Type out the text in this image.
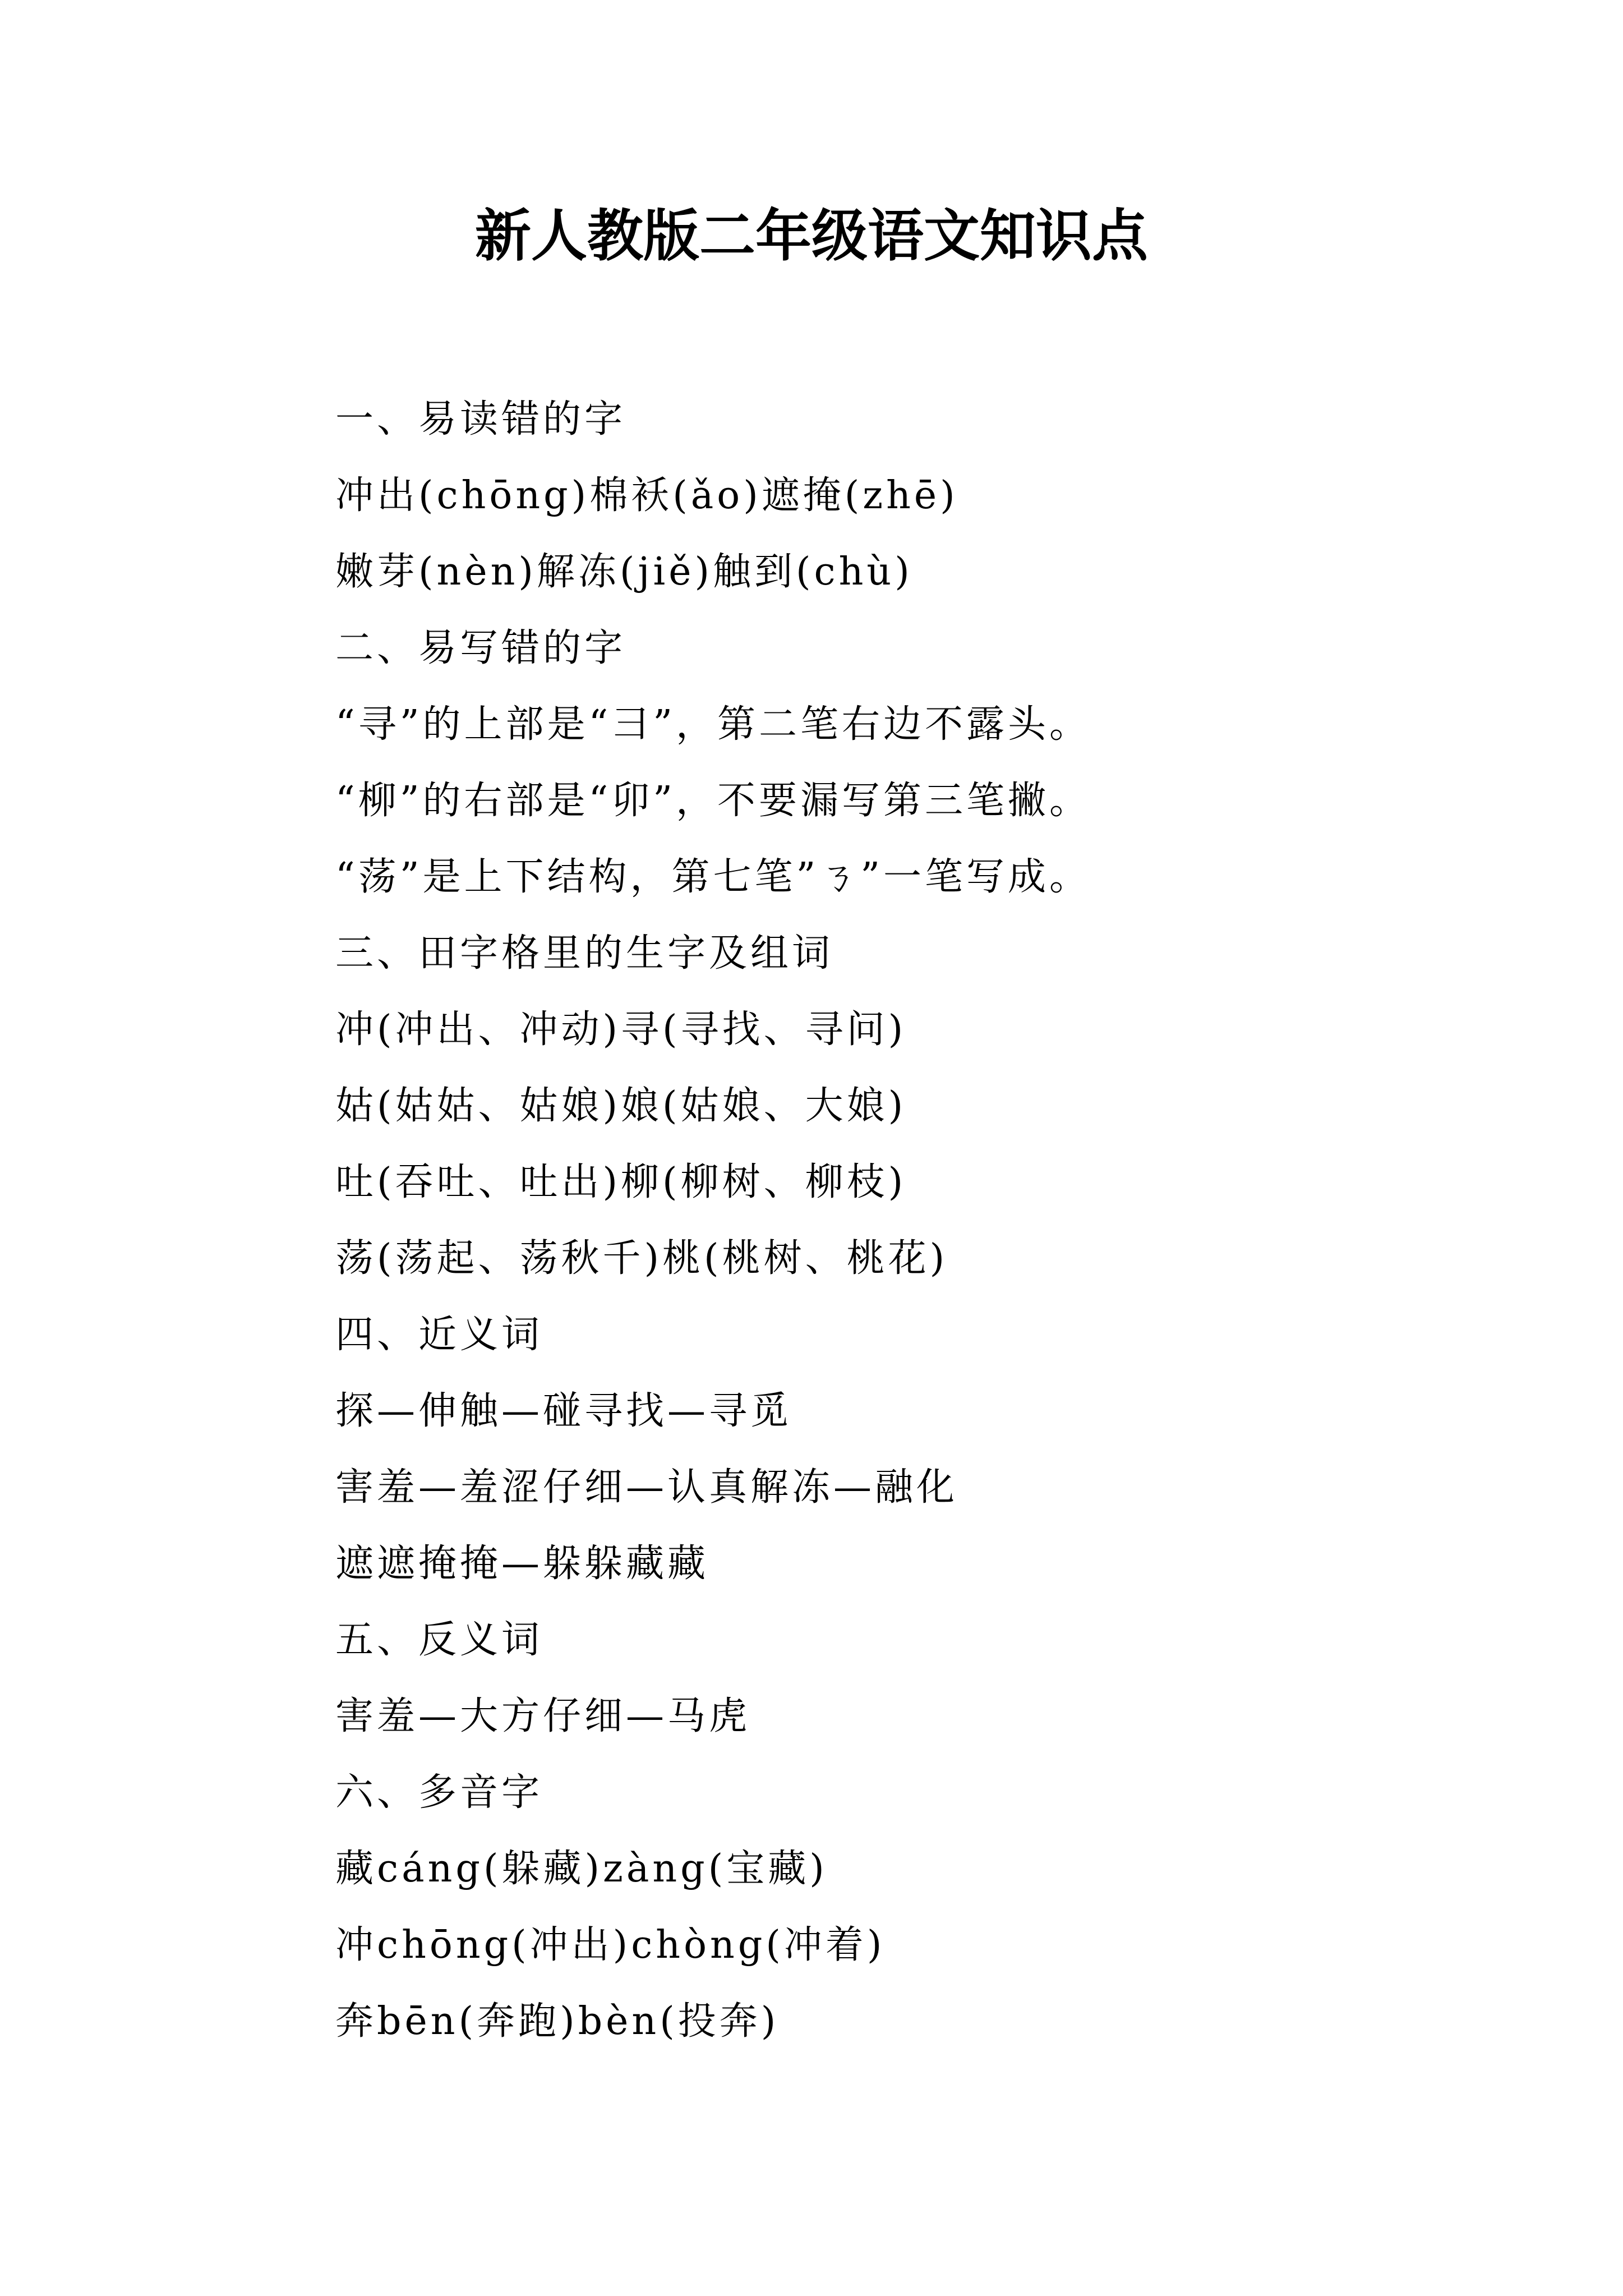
新人教版二年级语文知识点
一、易读错的字
冲出(chōng)棉袄(ǎo)遮掩(zhē)
嫩芽(nèn)解冻(jiě)触到(chù)
二、易写错的字
“寻”的上部是“彐”，第二笔右边不露头。
“柳”的右部是“卯”，不要漏写第三笔撇。
“荡”是上下结构，第七笔”ㄋ”一笔写成。
三、田字格里的生字及组词
冲(冲出、冲动)寻(寻找、寻问)
姑(姑姑、姑娘)娘(姑娘、大娘)
吐(吞吐、吐出)柳(柳树、柳枝)
荡(荡起、荡秋千)桃(桃树、桃花)
四、近义词
探—伸触—碰寻找—寻觅
害羞—羞涩仔细—认真解冻—融化
遮遮掩掩—躲躲藏藏
五、反义词
害羞—大方仔细—马虎
六、多音字
藏cáng(躲藏)zàng(宝藏)
冲chōng(冲出)chòng(冲着)
奔bēn(奔跑)bèn(投奔)
